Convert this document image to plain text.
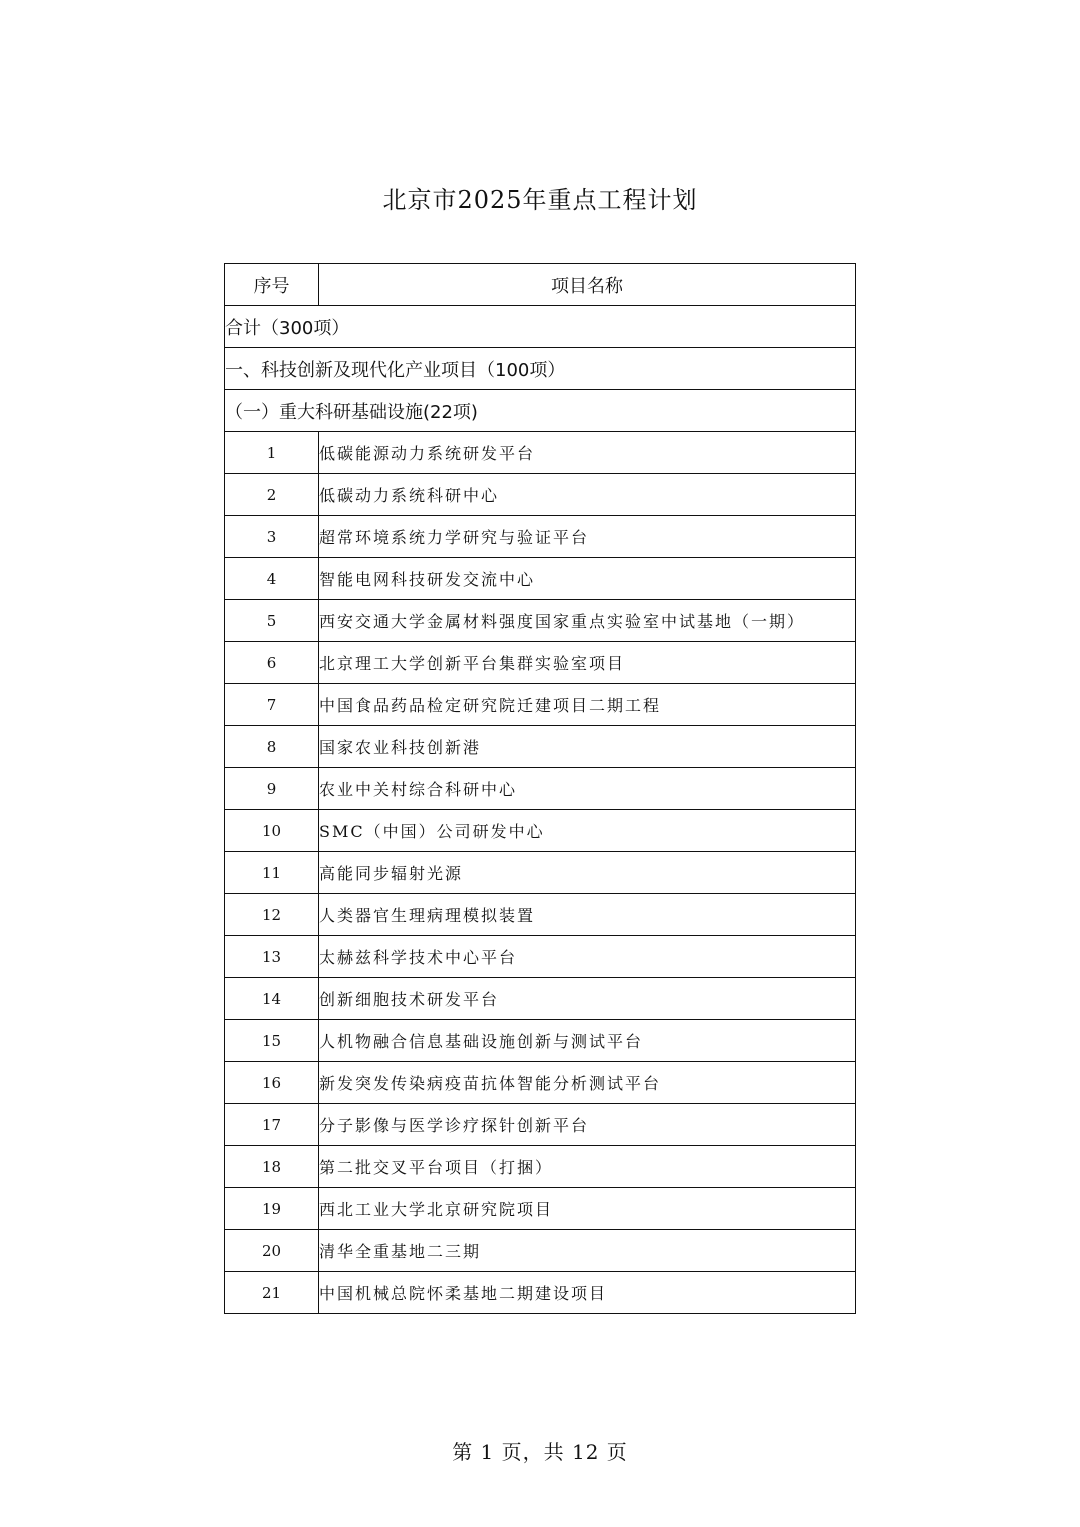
北京市2025年重点工程计划
序号	项目名称
合计（300项）	
一、科技创新及现代化产业项目（100项）	
（一）重大科研基础设施(22项)	
1	低碳能源动力系统研发平台
2	低碳动力系统科研中心
3	超常环境系统力学研究与验证平台
4	智能电网科技研发交流中心
5	西安交通大学金属材料强度国家重点实验室中试基地（一期）
6	北京理工大学创新平台集群实验室项目
7	中国食品药品检定研究院迁建项目二期工程
8	国家农业科技创新港
9	农业中关村综合科研中心
10	SMC（中国）公司研发中心
11	高能同步辐射光源
12	人类器官生理病理模拟装置
13	太赫兹科学技术中心平台
14	创新细胞技术研发平台
15	人机物融合信息基础设施创新与测试平台
16	新发突发传染病疫苗抗体智能分析测试平台
17	分子影像与医学诊疗探针创新平台
18	第二批交叉平台项目（打捆）
19	西北工业大学北京研究院项目
20	清华全重基地二三期
21	中国机械总院怀柔基地二期建设项目
第 1 页，共 12 页
